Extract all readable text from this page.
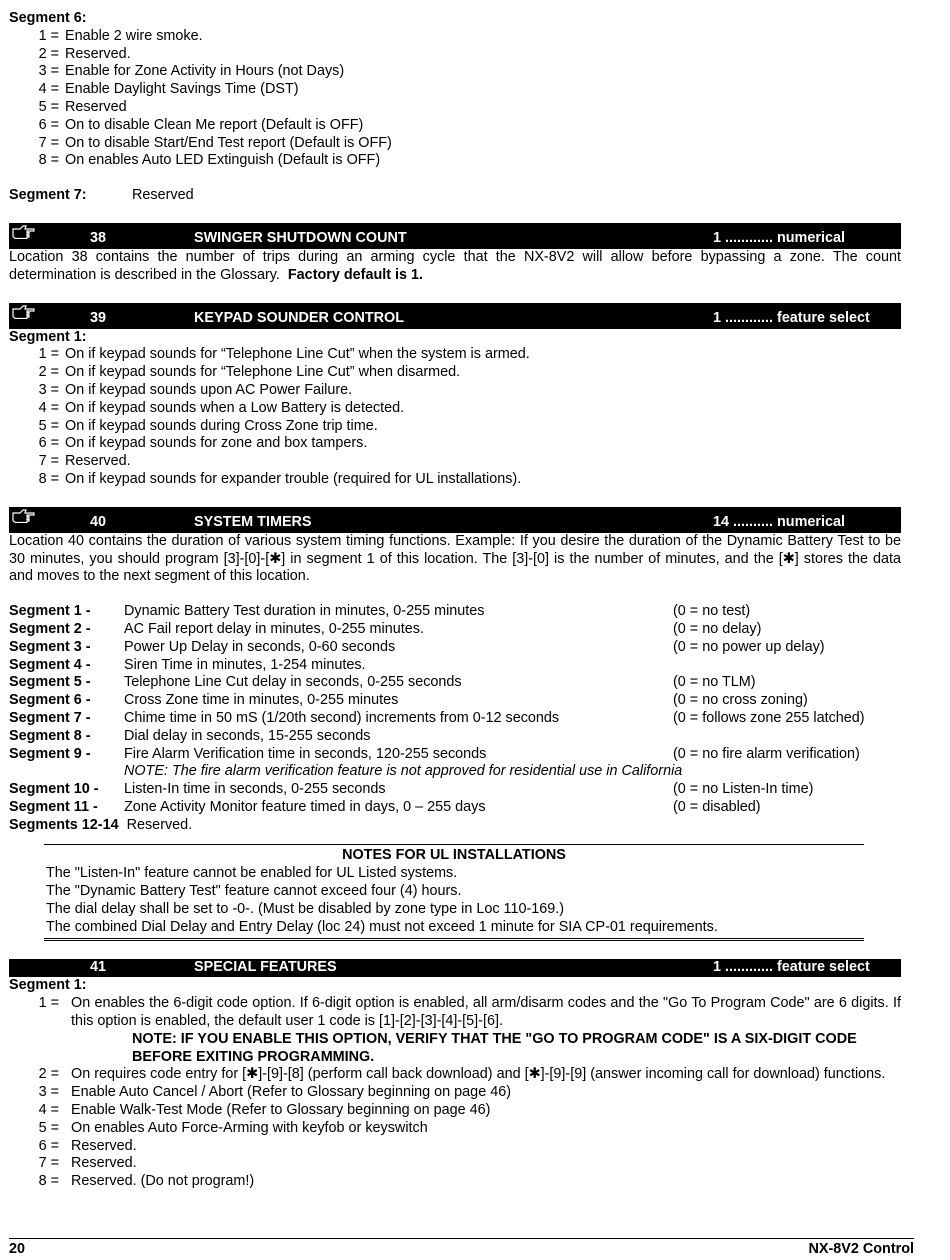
Segment 6:
1 = Enable 2 wire smoke.
2 = Reserved.
3 = Enable for Zone Activity in Hours (not Days)
4 = Enable Daylight Savings Time (DST)
5 = Reserved
6 = On to disable Clean Me report (Default is OFF)
7 = On to disable Start/End Test report (Default is OFF)
8 = On enables Auto LED Extinguish (Default is OFF)
Segment 7:	Reserved
38	SWINGER SHUTDOWN COUNT	1 ............ numerical

Location 38 contains the number of trips during an arming cycle that the NX-8V2 will allow before bypassing a zone. The count determination is described in the Glossary. Factory default is 1.

39	KEYPAD SOUNDER CONTROL	1 ............ feature select
Segment 1:
1 = On if keypad sounds for “Telephone Line Cut” when the system is armed.
2 = On if keypad sounds for “Telephone Line Cut” when disarmed.
3 = On if keypad sounds upon AC Power Failure.
4 = On if keypad sounds when a Low Battery is detected.
5 = On if keypad sounds during Cross Zone trip time.
6 = On if keypad sounds for zone and box tampers.
7 = Reserved.
8 = On if keypad sounds for expander trouble (required for UL installations).
40	SYSTEM TIMERS	14 .......... numerical

Location 40 contains the duration of various system timing functions. Example: If you desire the duration of the Dynamic Battery Test to be 30 minutes, you should program [3]-[0]-[✱] in segment 1 of this location. The [3]-[0] is the number of minutes, and the [✱] stores the data and moves to the next segment of this location.

Segment 1 -	Dynamic Battery Test duration in minutes, 0-255 minutes	(0 = no test)
Segment 2 -	AC Fail report delay in minutes, 0-255 minutes.	(0 = no delay)
Segment 3 -	Power Up Delay in seconds, 0-60 seconds	(0 = no power up delay)
Segment 4 -	Siren Time in minutes, 1-254 minutes.
Segment 5 -	Telephone Line Cut delay in seconds, 0-255 seconds	(0 = no TLM)
Segment 6 -	Cross Zone time in minutes, 0-255 minutes	(0 = no cross zoning)
Segment 7 -	Chime time in 50 mS (1/20th second) increments from 0-12 seconds	(0 = follows zone 255 latched)
Segment 8 -	Dial delay in seconds, 15-255 seconds
Segment 9 -	Fire Alarm Verification time in seconds, 120-255 seconds	(0 = no fire alarm verification)
NOTE: The fire alarm verification feature is not approved for residential use in California
Segment 10 -	Listen-In time in seconds, 0-255 seconds	(0 = no Listen-In time)
Segment 11 -	Zone Activity Monitor feature timed in days, 0 – 255 days	(0 = disabled)
Segments 12-14 Reserved.
NOTES FOR UL INSTALLATIONS
The "Listen-In" feature cannot be enabled for UL Listed systems.
The "Dynamic Battery Test" feature cannot exceed four (4) hours.
The dial delay shall be set to -0-. (Must be disabled by zone type in Loc 110-169.)
The combined Dial Delay and Entry Delay (loc 24) must not exceed 1 minute for SIA CP-01 requirements.
41	SPECIAL FEATURES	1 ............ feature select
Segment 1:
1 = On enables the 6-digit code option. If 6-digit option is enabled, all arm/disarm codes and the "Go To Program Code" are 6 digits. If this option is enabled, the default user 1 code is [1]-[2]-[3]-[4]-[5]-[6].
NOTE: IF YOU ENABLE THIS OPTION, VERIFY THAT THE "GO TO PROGRAM CODE" IS A SIX-DIGIT CODE BEFORE EXITING PROGRAMMING.
2 = On requires code entry for [✱]-[9]-[8] (perform call back download) and [✱]-[9]-[9] (answer incoming call for download) functions.
3 = Enable Auto Cancel / Abort (Refer to Glossary beginning on page 46)
4 = Enable Walk-Test Mode (Refer to Glossary beginning on page 46)
5 = On enables Auto Force-Arming with keyfob or keyswitch
6 = Reserved.
7 = Reserved.
8 = Reserved. (Do not program!)
20	NX-8V2 Control
